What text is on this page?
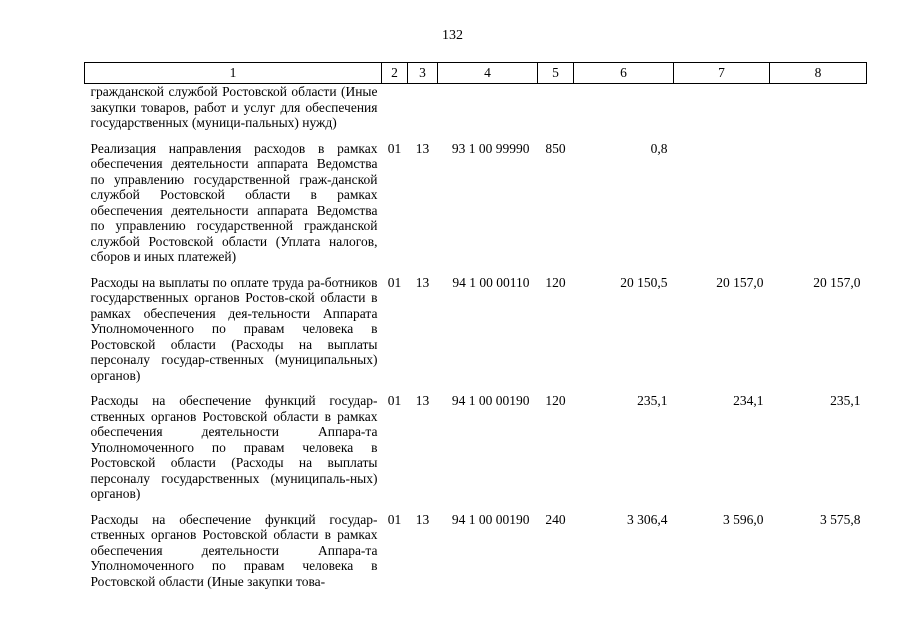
132
1	2	3	4	5	6	7	8
гражданской службой Ростовской области (Иные закупки товаров, работ и услуг для обеспечения государственных (муници-пальных) нужд)							
Реализация направления расходов в рамках обеспечения деятельности аппарата Ведомства по управлению государственной граж-данской службой Ростовской области в рамках обеспечения деятельности аппарата Ведомства по управлению государственной гражданской службой Ростовской области (Уплата налогов, сборов и иных платежей)	01	13	93 1 00 99990	850	0,8		
Расходы на выплаты по оплате труда ра-ботников государственных органов Ростов-ской области в рамках обеспечения дея-тельности Аппарата Уполномоченного по правам человека в Ростовской области (Расходы на выплаты персоналу государ-ственных (муниципальных) органов)	01	13	94 1 00 00110	120	20 150,5	20 157,0	20 157,0
Расходы на обеспечение функций государ-ственных органов Ростовской области в рамках обеспечения деятельности Аппара-та Уполномоченного по правам человека в Ростовской области (Расходы на выплаты персоналу государственных (муниципаль-ных) органов)	01	13	94 1 00 00190	120	235,1	234,1	235,1
Расходы на обеспечение функций государ-ственных органов Ростовской области в рамках обеспечения деятельности Аппара-та Уполномоченного по правам человека в Ростовской области (Иные закупки това-	01	13	94 1 00 00190	240	3 306,4	3 596,0	3 575,8
